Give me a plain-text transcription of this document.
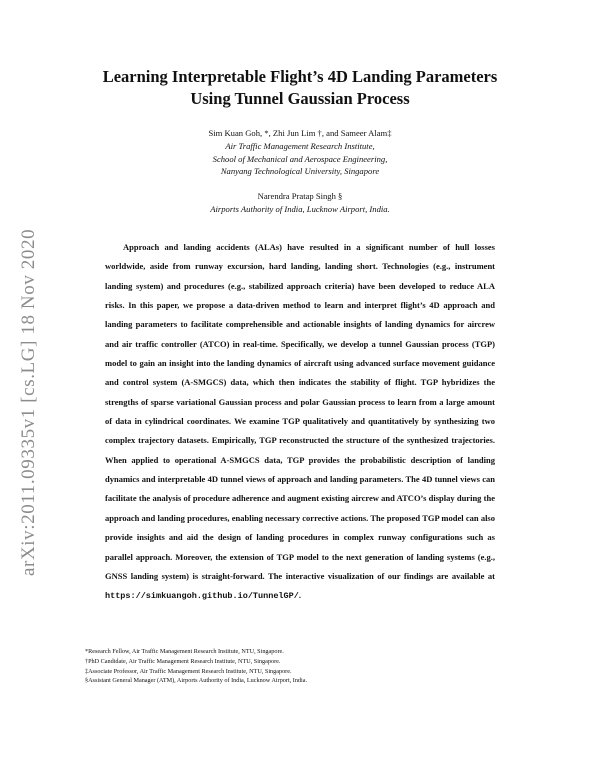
arXiv:2011.09335v1 [cs.LG] 18 Nov 2020
Learning Interpretable Flight’s 4D Landing Parameters
Using Tunnel Gaussian Process
Sim Kuan Goh, *, Zhi Jun Lim †, and Sameer Alam‡
Air Traffic Management Research Institute,
School of Mechanical and Aerospace Engineering,
Nanyang Technological University, Singapore
Narendra Pratap Singh §
Airports Authority of India, Lucknow Airport, India.

Approach and landing accidents (ALAs) have resulted in a significant number of hull losses worldwide, aside from runway excursion, hard landing, landing short. Technologies (e.g., instrument landing system) and procedures (e.g., stabilized approach criteria) have been developed to reduce ALA risks. In this paper, we propose a data-driven method to learn and interpret flight’s 4D approach and landing parameters to facilitate comprehensible and actionable insights of landing dynamics for aircrew and air traffic controller (ATCO) in real-time. Specifically, we develop a tunnel Gaussian process (TGP) model to gain an insight into the landing dynamics of aircraft using advanced surface movement guidance and control system (A-SMGCS) data, which then indicates the stability of flight. TGP hybridizes the strengths of sparse variational Gaussian process and polar Gaussian process to learn from a large amount of data in cylindrical coordinates. We examine TGP qualitatively and quantitatively by synthesizing two complex trajectory datasets. Empirically, TGP reconstructed the structure of the synthesized trajectories. When applied to operational A-SMGCS data, TGP provides the probabilistic description of landing dynamics and interpretable 4D tunnel views of approach and landing parameters. The 4D tunnel views can facilitate the analysis of procedure adherence and augment existing aircrew and ATCO’s display during the approach and landing procedures, enabling necessary corrective actions. The proposed TGP model can also provide insights and aid the design of landing procedures in complex runway configurations such as parallel approach. Moreover, the extension of TGP model to the next generation of landing systems (e.g., GNSS landing system) is straight-forward. The interactive visualization of our findings are available at https://simkuangoh.github.io/TunnelGP/.

*Research Fellow, Air Traffic Management Research Institute, NTU, Singapore.
†PhD Candidate, Air Traffic Management Research Institute, NTU, Singapore.
‡Associate Professor, Air Traffic Management Research Institute, NTU, Singapore.
§Assistant General Manager (ATM), Airports Authority of India, Lucknow Airport, India.
